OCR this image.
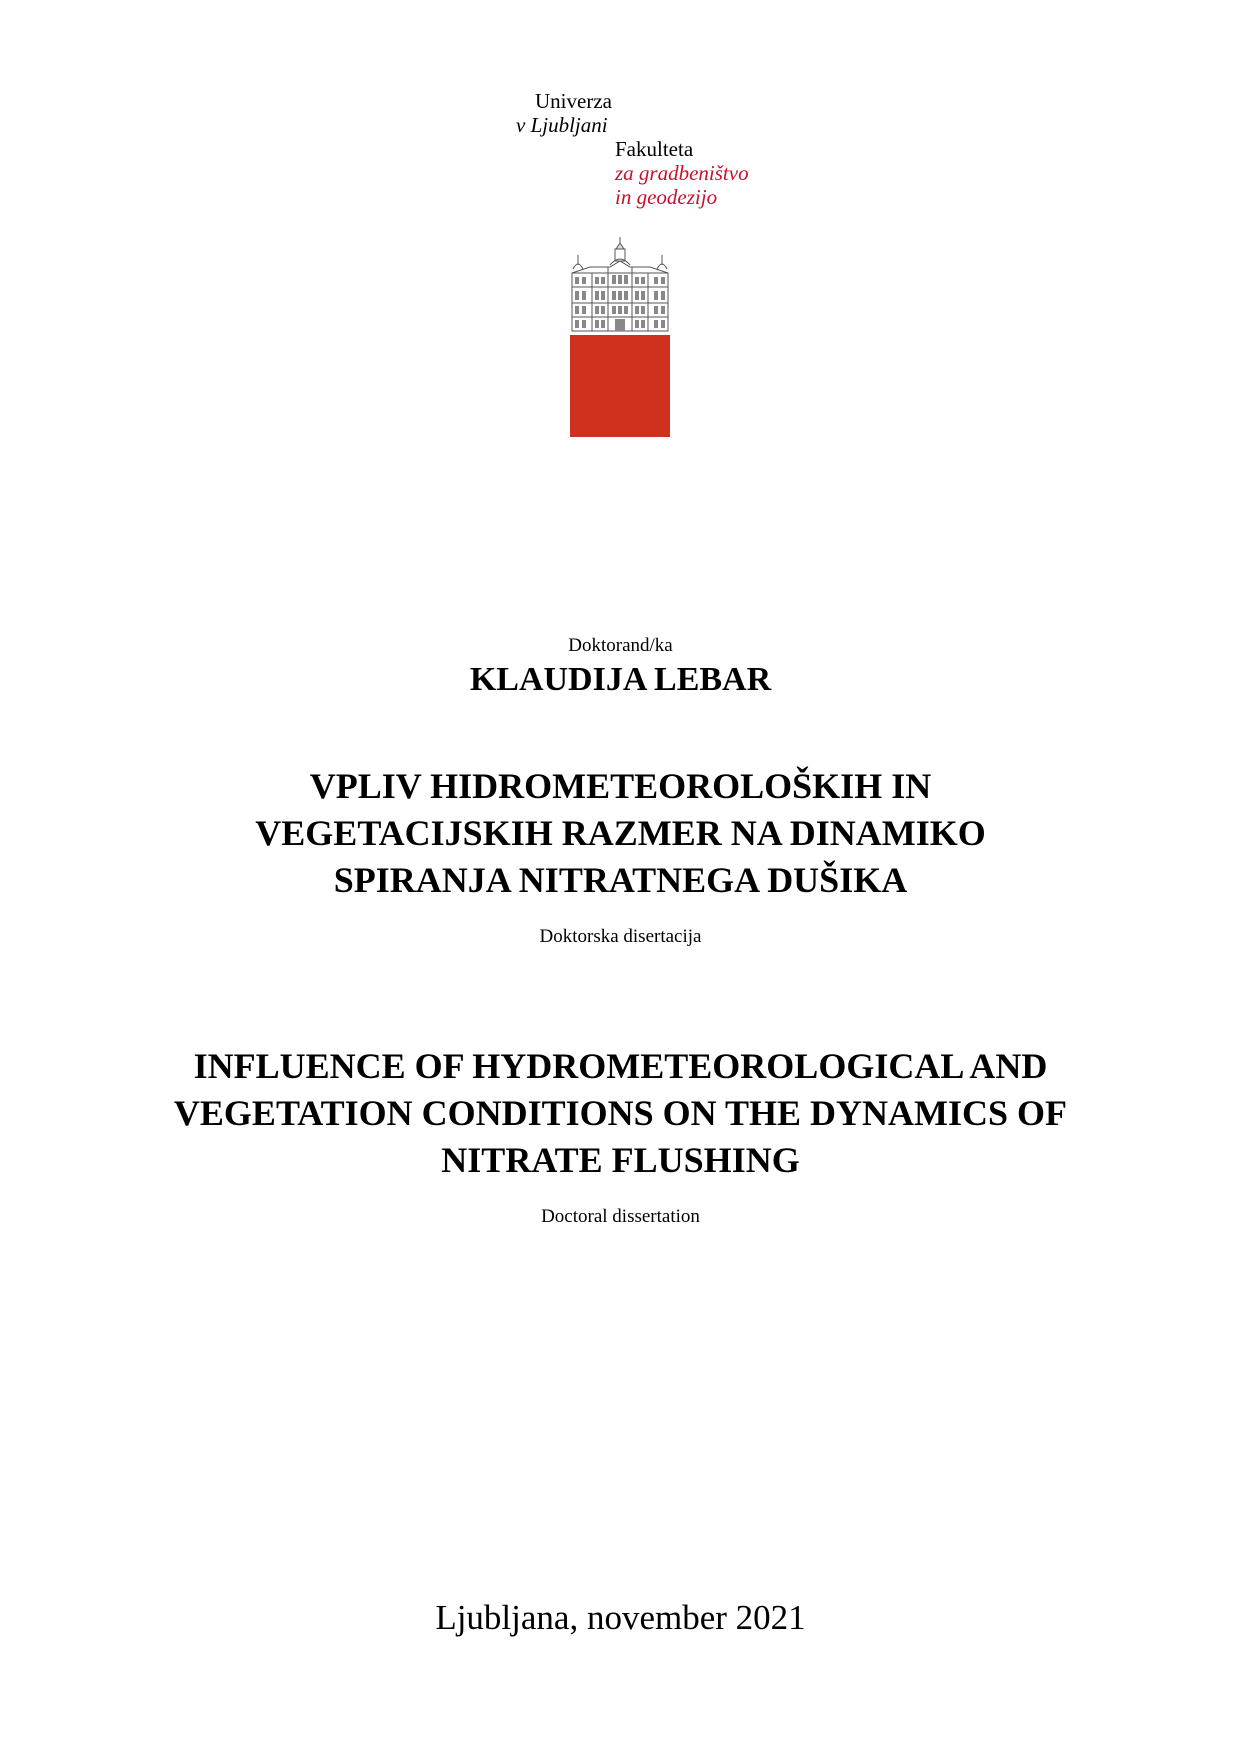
Univerza
v Ljubljani
Fakulteta
za gradbeništvo
in geodezijo
Doktorand/ka
KLAUDIJA LEBAR
VPLIV HIDROMETEOROLOŠKIH IN
VEGETACIJSKIH RAZMER NA DINAMIKO
SPIRANJA NITRATNEGA DUŠIKA
Doktorska disertacija
INFLUENCE OF HYDROMETEOROLOGICAL AND
VEGETATION CONDITIONS ON THE DYNAMICS OF
NITRATE FLUSHING
Doctoral dissertation
Ljubljana, november 2021
